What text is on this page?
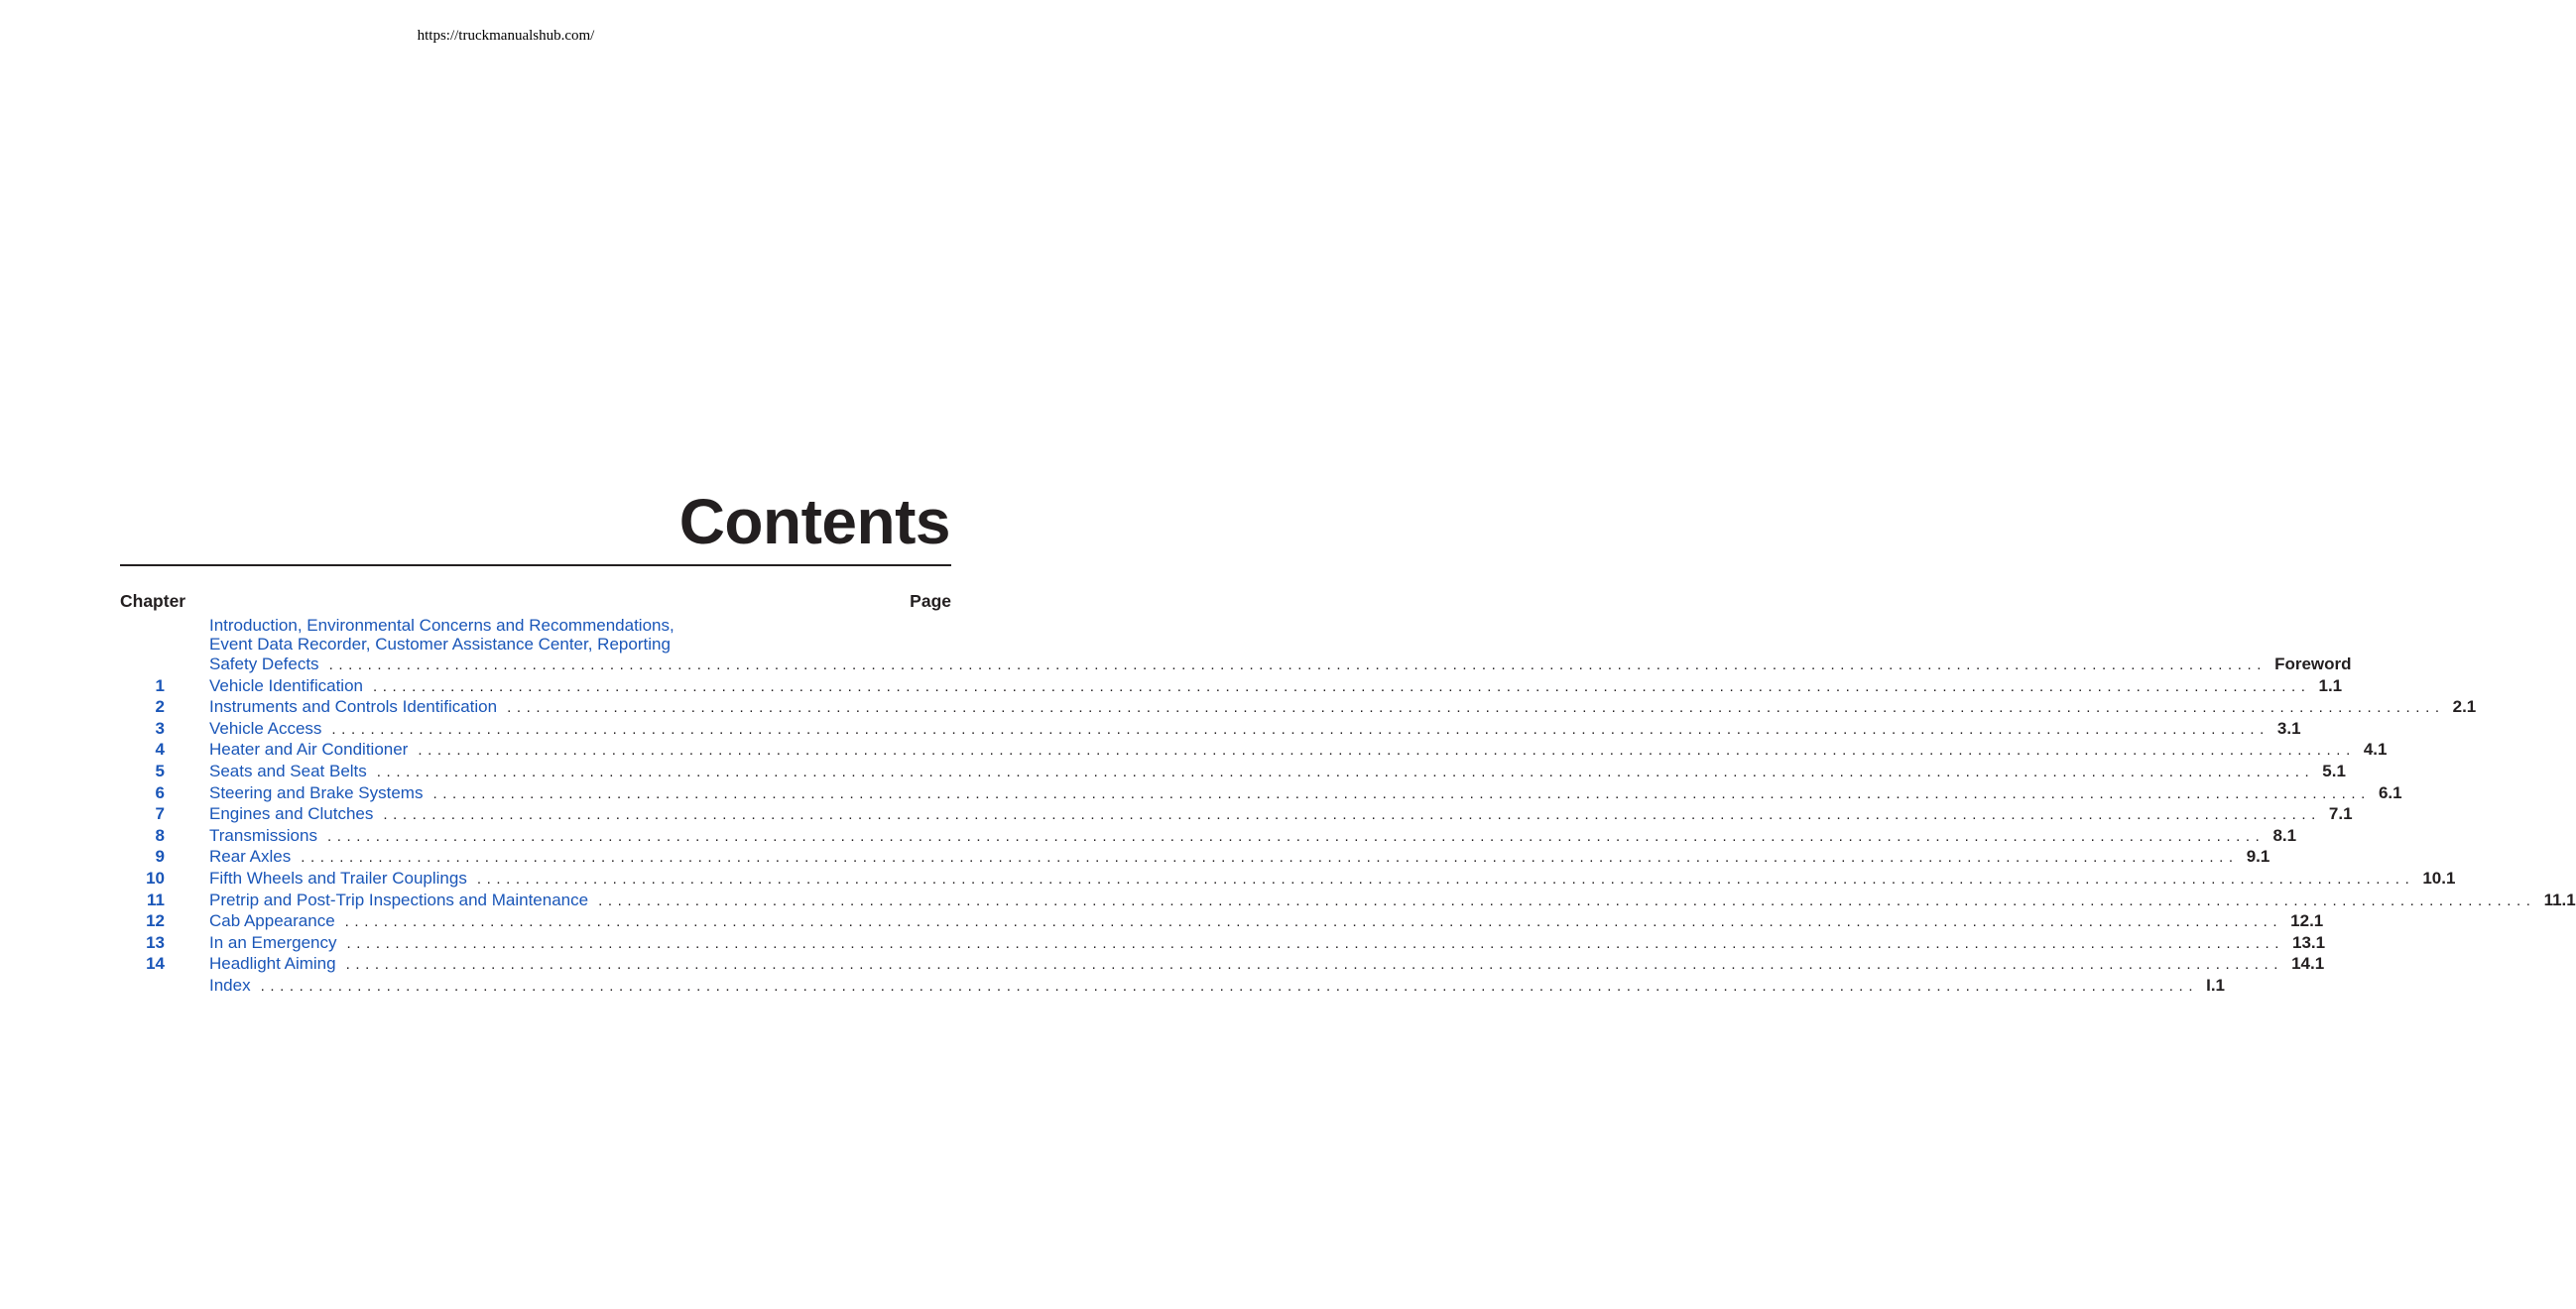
https://truckmanualshub.com/
Contents
Chapter	Page
Introduction, Environmental Concerns and Recommendations,
Event Data Recorder, Customer Assistance Center, Reporting
Safety Defects ........................................................................................................................................................................................................ Foreword
1	Vehicle Identification ........................................................................................................................................................................................................ 1.1
2	Instruments and Controls Identification ........................................................................................................................................................................................................ 2.1
3	Vehicle Access ........................................................................................................................................................................................................ 3.1
4	Heater and Air Conditioner ........................................................................................................................................................................................................ 4.1
5	Seats and Seat Belts ........................................................................................................................................................................................................ 5.1
6	Steering and Brake Systems ........................................................................................................................................................................................................ 6.1
7	Engines and Clutches ........................................................................................................................................................................................................ 7.1
8	Transmissions ........................................................................................................................................................................................................ 8.1
9	Rear Axles ........................................................................................................................................................................................................ 9.1
10	Fifth Wheels and Trailer Couplings ........................................................................................................................................................................................................ 10.1
11	Pretrip and Post-Trip Inspections and Maintenance ........................................................................................................................................................................................................ 11.1
12	Cab Appearance ........................................................................................................................................................................................................ 12.1
13	In an Emergency ........................................................................................................................................................................................................ 13.1
14	Headlight Aiming ........................................................................................................................................................................................................ 14.1
Index ........................................................................................................................................................................................................ I.1
